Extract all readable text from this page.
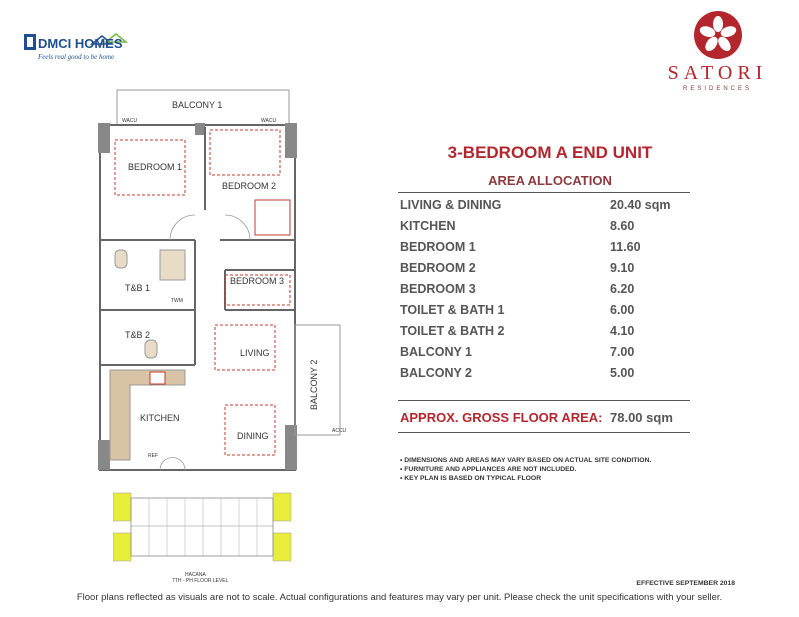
DMCI HOMES
Feels real good to be home
SATORI
RESIDENCES
BALCONY 1
BEDROOM 1
BEDROOM 2
BEDROOM 3
T&B 1
T&B 2
LIVING
KITCHEN
DINING
BALCONY 2
WACU	WACU
ACCU
TWM
REF
HACANA
7TH - PH FLOOR LEVEL
3-BEDROOM A END UNIT
AREA ALLOCATION
LIVING & DINING	20.40 sqm
KITCHEN	8.60
BEDROOM 1	11.60
BEDROOM 2	9.10
BEDROOM 3	6.20
TOILET & BATH 1	6.00
TOILET & BATH 2	4.10
BALCONY 1	7.00
BALCONY 2	5.00
APPROX. GROSS FLOOR AREA: 78.00 sqm
• DIMENSIONS AND AREAS MAY VARY BASED ON ACTUAL SITE CONDITION.
• FURNITURE AND APPLIANCES ARE NOT INCLUDED.
• KEY PLAN IS BASED ON TYPICAL FLOOR
EFFECTIVE SEPTEMBER 2018
Floor plans reflected as visuals are not to scale. Actual configurations and features may vary per unit. Please check the unit specifications with your seller.
